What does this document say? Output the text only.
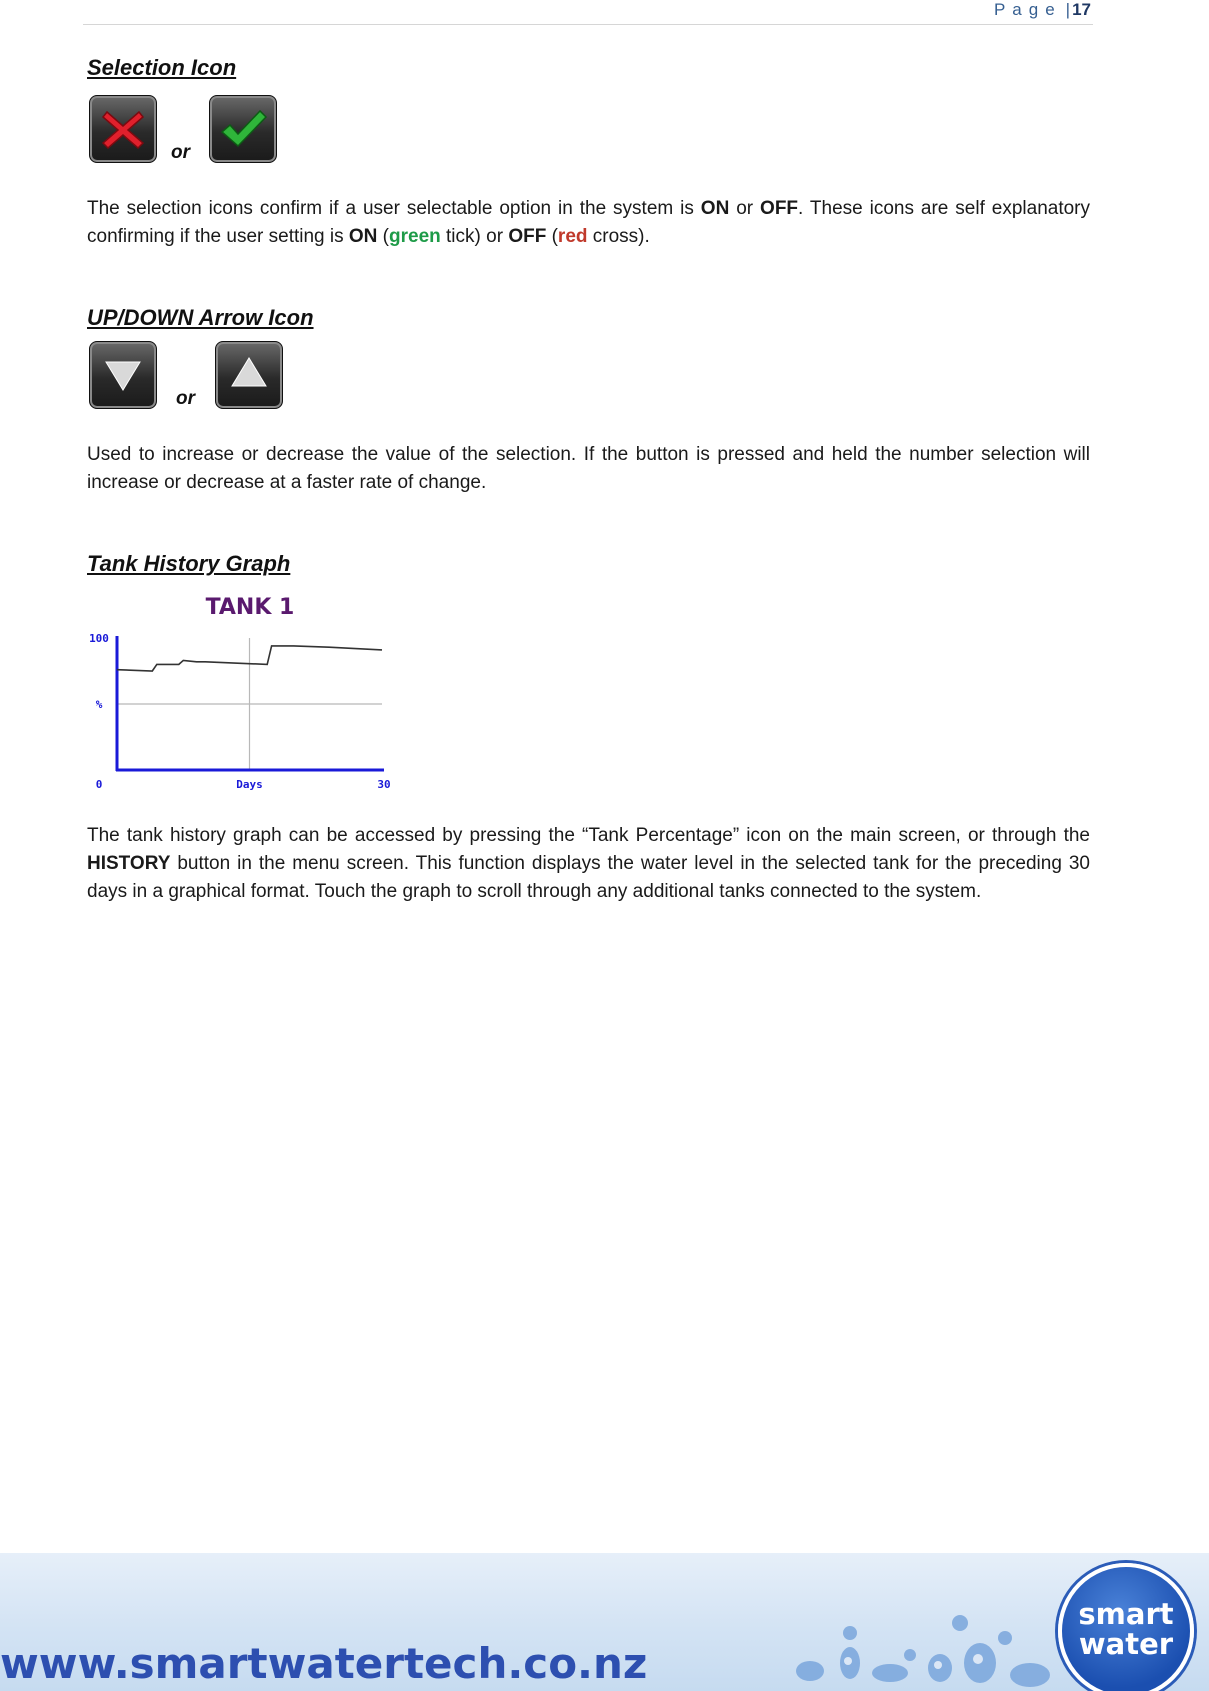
Page | 17
Selection Icon
or
The selection icons confirm if a user selectable option in the system is ON or OFF. These icons are self explanatory confirming if the user setting is ON (green tick) or OFF (red cross).
UP/DOWN Arrow Icon
or
Used to increase or decrease the value of the selection. If the button is pressed and held the number selection will increase or decrease at a faster rate of change.
Tank History Graph
TANK 1
100
%
0	Days	30
The tank history graph can be accessed by pressing the “Tank Percentage” icon on the main screen, or through the HISTORY button in the menu screen. This function displays the water level in the selected tank for the preceding 30 days in a graphical format. Touch the graph to scroll through any additional tanks connected to the system.
www.smartwatertech.co.nz
smart
water
